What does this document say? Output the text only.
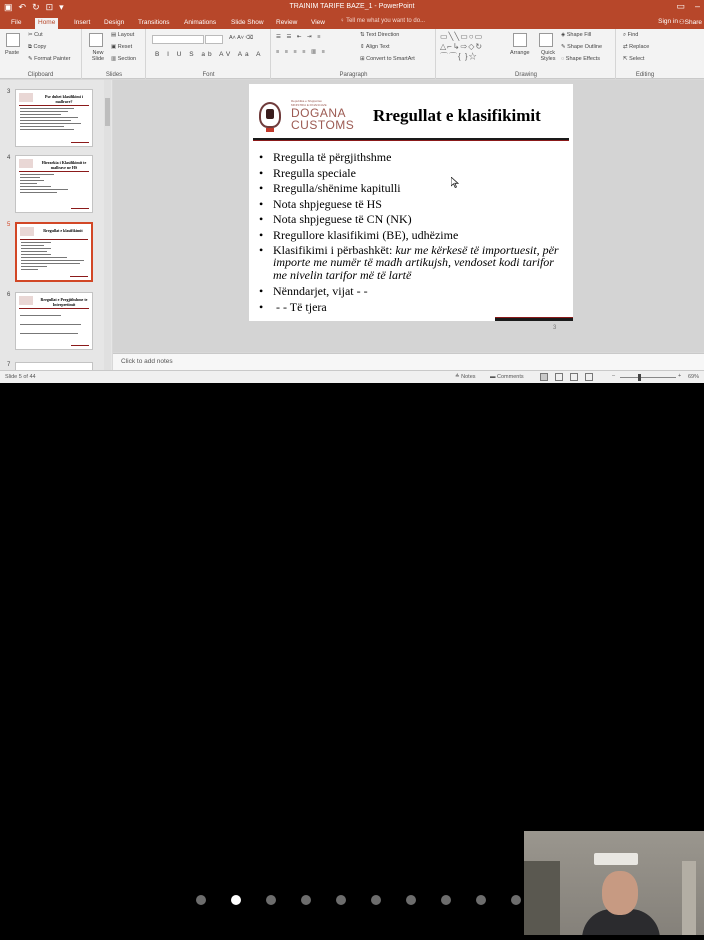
▣ ↶ ↻ ⊡ ▾	TRAINIM TARIFE BAZE_1 - PowerPoint	▭ –
File	Home	Insert	Design	Transitions	Animations	Slide Show	Review	View	♀ Tell me what you want to do...	Sign in ⚇Share
Paste
✂ Cut
⧉ Copy
✎ Format Painter
Clipboard
New Slide
▤ Layout
▣ Reset
▥ Section
Slides
A˄ A˅ ⌫
B I U S ab AV Aa A
Font
☰ ☰ ⇤ ⇥ ≡
≡ ≡ ≡ ≡ ▥ ≡
⇅ Text Direction
⇕ Align Text
⊞ Convert to SmartArt
Paragraph
▭╲╲▭○▭
△⌐↳⇨◇↻
⌒⌒{ }☆	Arrange	Quick Styles
◈ Shape Fill
✎ Shape Outline
◌ Shape Effects
Drawing
⌕ Find
⇄ Replace
⇱ Select
Editing
3
Pse duhet klasifikimi i mallrave?
4
Hierarkia i Klasifikimit te mallrave ne HS
5
Rregullat e klasifikimit
6
Rregullat e Pergjithshme te Interpretimit
7
Republika e Shqipërisë
MINISTRIA E FINANCAVE
DOGANA
CUSTOMS Rregullat e klasifikimit
• Rregulla të përgjithshme
• Rregulla speciale
• Rregulla/shënime kapitulli
• Nota shpjeguese të HS
• Nota shpjeguese të CN (NK)
• Rregullore klasifikimi (BE), udhëzime
• Klasifikimi i përbashkët: kur me kërkesë të importuesit, për importe me numër të madh artikujsh, vendoset kodi tarifor me nivelin tarifor më të lartë
• Nënndarjet, vijat - -
•  - - Të tjera
3
Click to add notes
Slide 5 of 44	≙ Notes	▬ Comments	–	+ 69%
